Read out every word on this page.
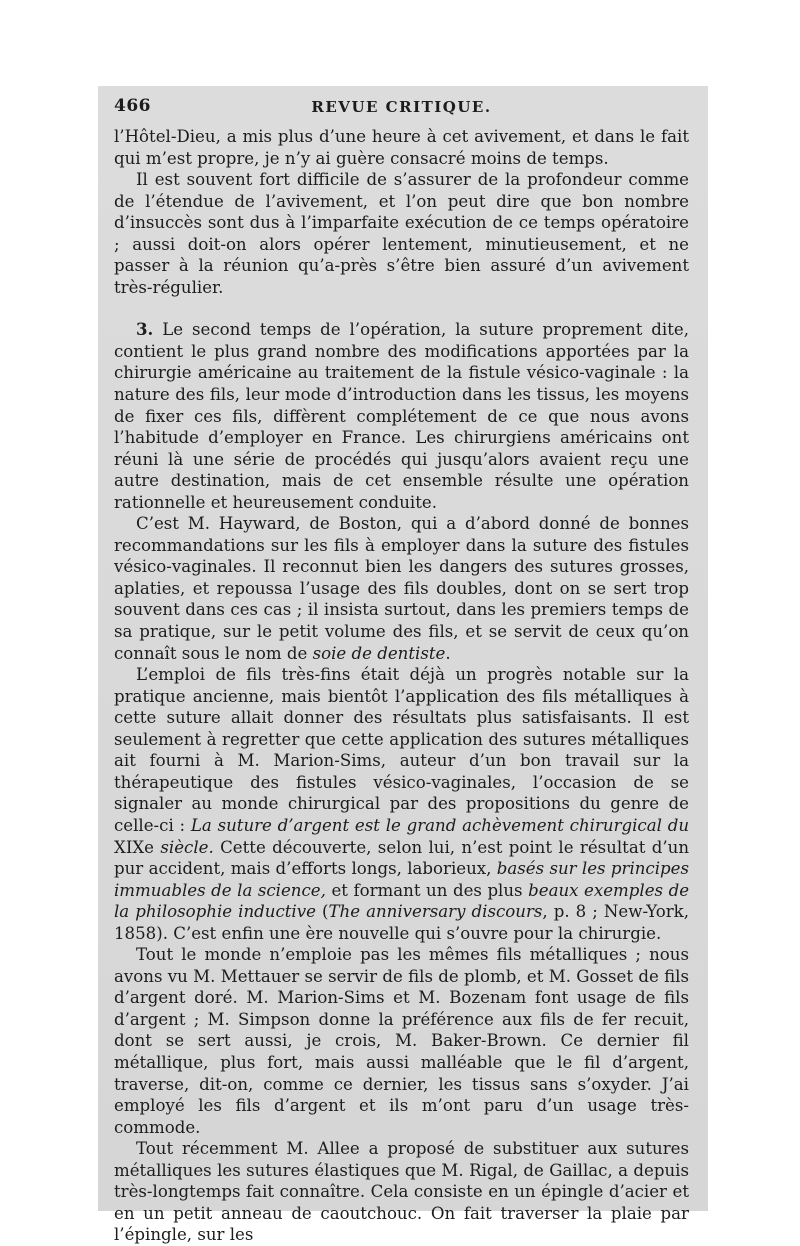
466	REVUE CRITIQUE.

l’Hôtel-Dieu, a mis plus d’une heure à cet avivement, et dans le fait qui m’est propre, je n’y ai guère consacré moins de temps.

Il est souvent fort difficile de s’assurer de la profondeur comme de l’étendue de l’avivement, et l’on peut dire que bon nombre d’insuccès sont dus à l’imparfaite exécution de ce temps opératoire ; aussi doit-on alors opérer lentement, minutieusement, et ne passer à la réunion qu’a-près s’être bien assuré d’un avivement très-régulier.

3. Le second temps de l’opération, la suture proprement dite, contient le plus grand nombre des modifications apportées par la chirurgie américaine au traitement de la fistule vésico-vaginale : la nature des fils, leur mode d’introduction dans les tissus, les moyens de fixer ces fils, diffèrent complétement de ce que nous avons l’habitude d’employer en France. Les chirurgiens américains ont réuni là une série de procédés qui jusqu’alors avaient reçu une autre destination, mais de cet ensemble résulte une opération rationnelle et heureusement conduite.

C’est M. Hayward, de Boston, qui a d’abord donné de bonnes recommandations sur les fils à employer dans la suture des fistules vésico-vaginales. Il reconnut bien les dangers des sutures grosses, aplaties, et repoussa l’usage des fils doubles, dont on se sert trop souvent dans ces cas ; il insista surtout, dans les premiers temps de sa pratique, sur le petit volume des fils, et se servit de ceux qu’on connaît sous le nom de soie de dentiste.

L’emploi de fils très-fins était déjà un progrès notable sur la pratique ancienne, mais bientôt l’application des fils métalliques à cette suture allait donner des résultats plus satisfaisants. Il est seulement à regretter que cette application des sutures métalliques ait fourni à M. Marion-Sims, auteur d’un bon travail sur la thérapeutique des fistules vésico-vaginales, l’occasion de se signaler au monde chirurgical par des propositions du genre de celle-ci : La suture d’argent est le grand achèvement chirurgical du XIXe siècle. Cette découverte, selon lui, n’est point le résultat d’un pur accident, mais d’efforts longs, laborieux, basés sur les principes immuables de la science, et formant un des plus beaux exemples de la philosophie inductive (The anniversary discours, p. 8 ; New-York, 1858). C’est enfin une ère nouvelle qui s’ouvre pour la chirurgie.

Tout le monde n’emploie pas les mêmes fils métalliques ; nous avons vu M. Mettauer se servir de fils de plomb, et M. Gosset de fils d’argent doré. M. Marion-Sims et M. Bozenam font usage de fils d’argent ; M. Simpson donne la préférence aux fils de fer recuit, dont se sert aussi, je crois, M. Baker-Brown. Ce dernier fil métallique, plus fort, mais aussi malléable que le fil d’argent, traverse, dit-on, comme ce dernier, les tissus sans s’oxyder. J’ai employé les fils d’argent et ils m’ont paru d’un usage très-commode.

Tout récemment M. Allee a proposé de substituer aux sutures métalliques les sutures élastiques que M. Rigal, de Gaillac, a depuis très-longtemps fait connaître. Cela consiste en un épingle d’acier et en un petit anneau de caoutchouc. On fait traverser la plaie par l’épingle, sur les
